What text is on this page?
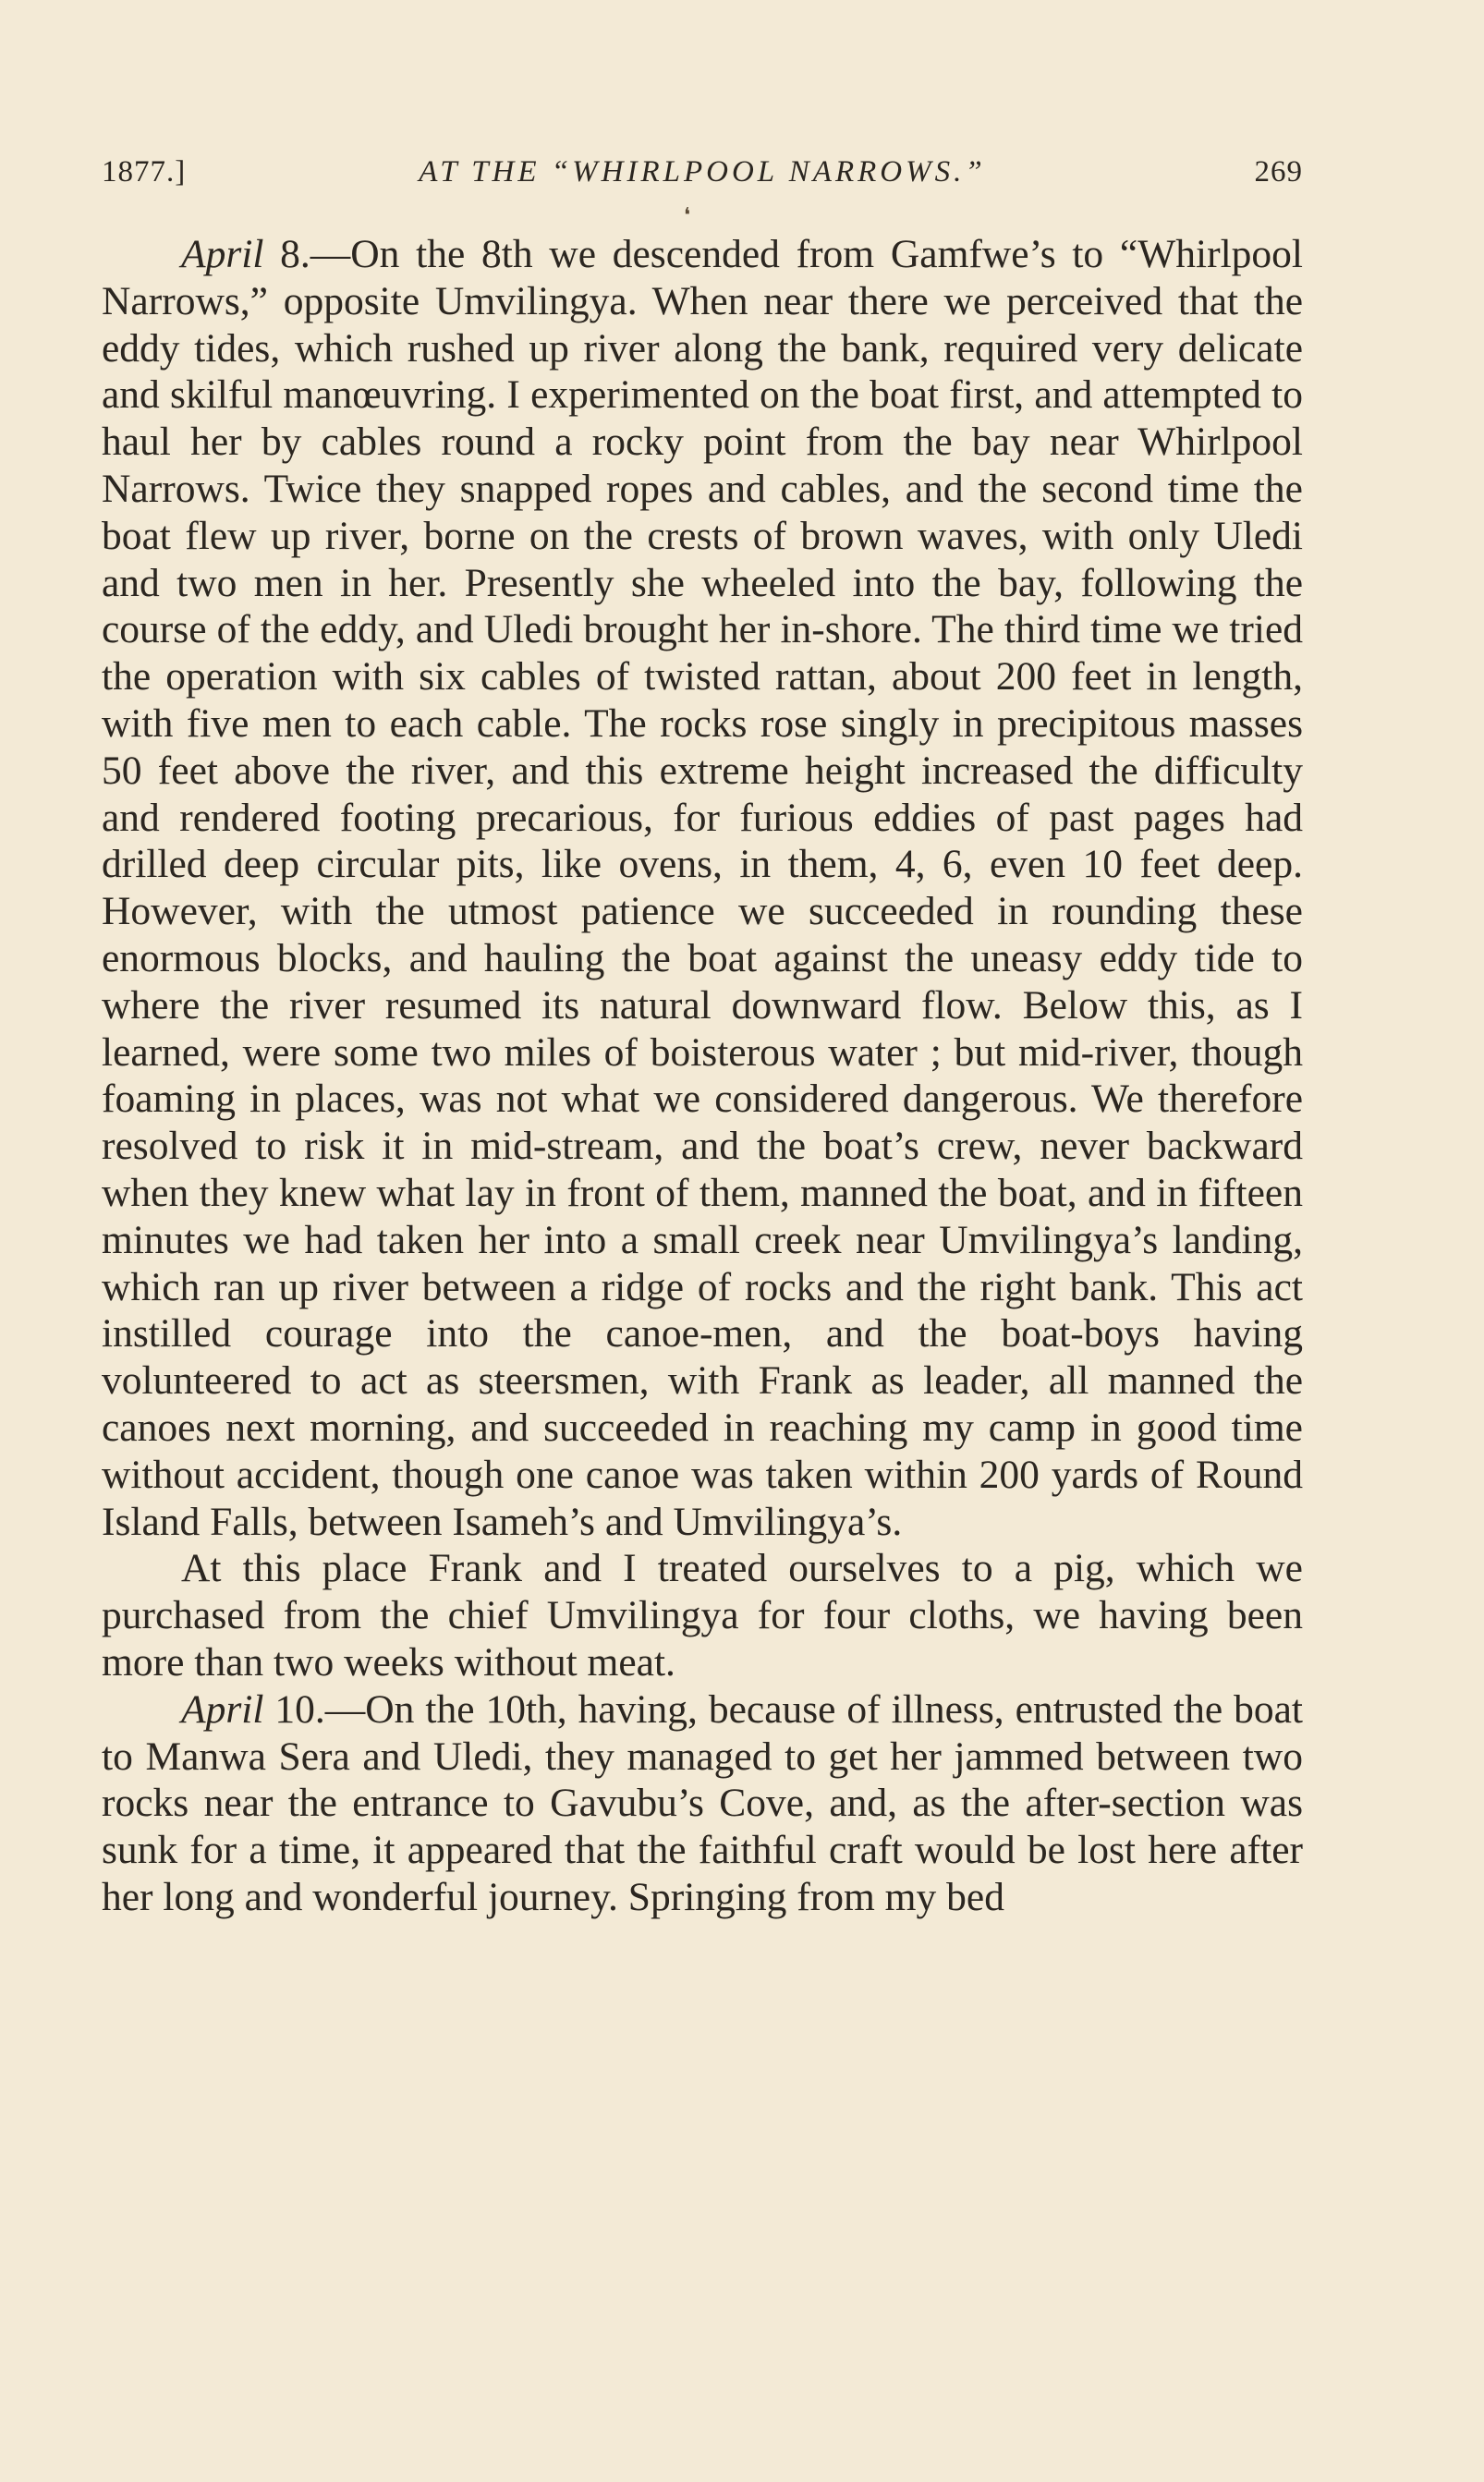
1877.]	AT THE “WHIRLPOOL NARROWS.”	269
❛

April 8.—On the 8th we descended from Gamfwe’s to “Whirlpool Narrows,” opposite Umvilingya. When near there we perceived that the eddy tides, which rushed up river along the bank, required very delicate and skilful manœuvring. I experimented on the boat first, and attempted to haul her by cables round a rocky point from the bay near Whirlpool Narrows. Twice they snapped ropes and cables, and the second time the boat flew up river, borne on the crests of brown waves, with only Uledi and two men in her. Presently she wheeled into the bay, following the course of the eddy, and Uledi brought her in-shore. The third time we tried the operation with six cables of twisted rattan, about 200 feet in length, with five men to each cable. The rocks rose singly in precipitous masses 50 feet above the river, and this extreme height increased the difficulty and rendered footing precarious, for furious eddies of past pages had drilled deep circular pits, like ovens, in them, 4, 6, even 10 feet deep. However, with the utmost patience we succeeded in rounding these enormous blocks, and hauling the boat against the uneasy eddy tide to where the river resumed its natural downward flow. Below this, as I learned, were some two miles of boisterous water ; but mid-river, though foaming in places, was not what we considered dangerous. We therefore resolved to risk it in mid-stream, and the boat’s crew, never backward when they knew what lay in front of them, manned the boat, and in fifteen minutes we had taken her into a small creek near Umvilingya’s landing, which ran up river between a ridge of rocks and the right bank. This act instilled courage into the canoe-men, and the boat-boys having volunteered to act as steersmen, with Frank as leader, all manned the canoes next morning, and succeeded in reaching my camp in good time without accident, though one canoe was taken within 200 yards of Round Island Falls, between Isameh’s and Umvilingya’s.

At this place Frank and I treated ourselves to a pig, which we purchased from the chief Umvilingya for four cloths, we having been more than two weeks without meat.

April 10.—On the 10th, having, because of illness, entrusted the boat to Manwa Sera and Uledi, they managed to get her jammed between two rocks near the entrance to Gavubu’s Cove, and, as the after-section was sunk for a time, it appeared that the faithful craft would be lost here after her long and wonderful journey. Springing from my bed
